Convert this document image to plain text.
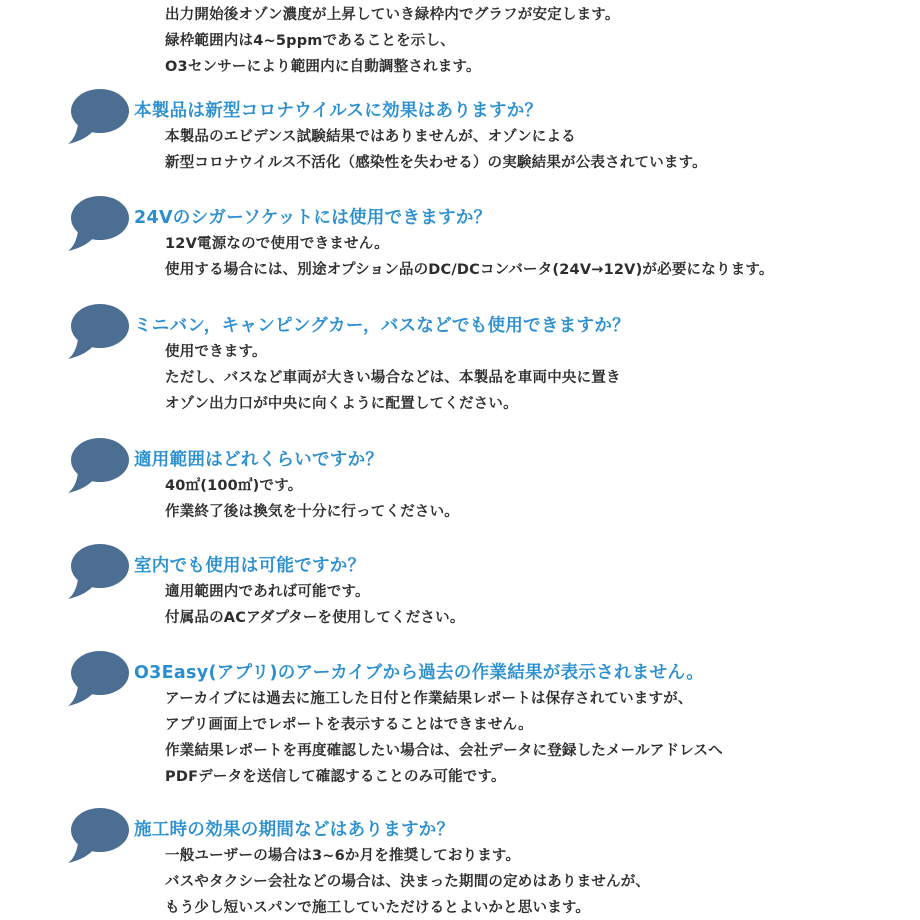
出力開始後オゾン濃度が上昇していき緑枠内でグラフが安定します。
緑枠範囲内は4~5ppmであることを示し、
O3センサーにより範囲内に自動調整されます。
本製品は新型コロナウイルスに効果はありますか？
本製品のエビデンス試験結果ではありませんが、オゾンによる
新型コロナウイルス不活化（感染性を失わせる）の実験結果が公表されています。
24Vのシガーソケットには使用できますか？
12V電源なので使用できません。
使用する場合には、別途オプション品のDC/DCコンバータ(24V→12V)が必要になります。
ミニバン，キャンピングカー，バスなどでも使用できますか？
使用できます。
ただし、バスなど車両が大きい場合などは、本製品を車両中央に置き
オゾン出力口が中央に向くように配置してください。
適用範囲はどれくらいですか？
40㎡(100㎥)です。
作業終了後は換気を十分に行ってください。
室内でも使用は可能ですか？
適用範囲内であれば可能です。
付属品のACアダプターを使用してください。
O3Easy(アプリ)のアーカイブから過去の作業結果が表示されません。
アーカイブには過去に施工した日付と作業結果レポートは保存されていますが、
アプリ画面上でレポートを表示することはできません。
作業結果レポートを再度確認したい場合は、会社データに登録したメールアドレスへ
PDFデータを送信して確認することのみ可能です。
施工時の効果の期間などはありますか？
一般ユーザーの場合は3~6か月を推奨しております。
バスやタクシー会社などの場合は、決まった期間の定めはありませんが、
もう少し短いスパンで施工していただけるとよいかと思います。
